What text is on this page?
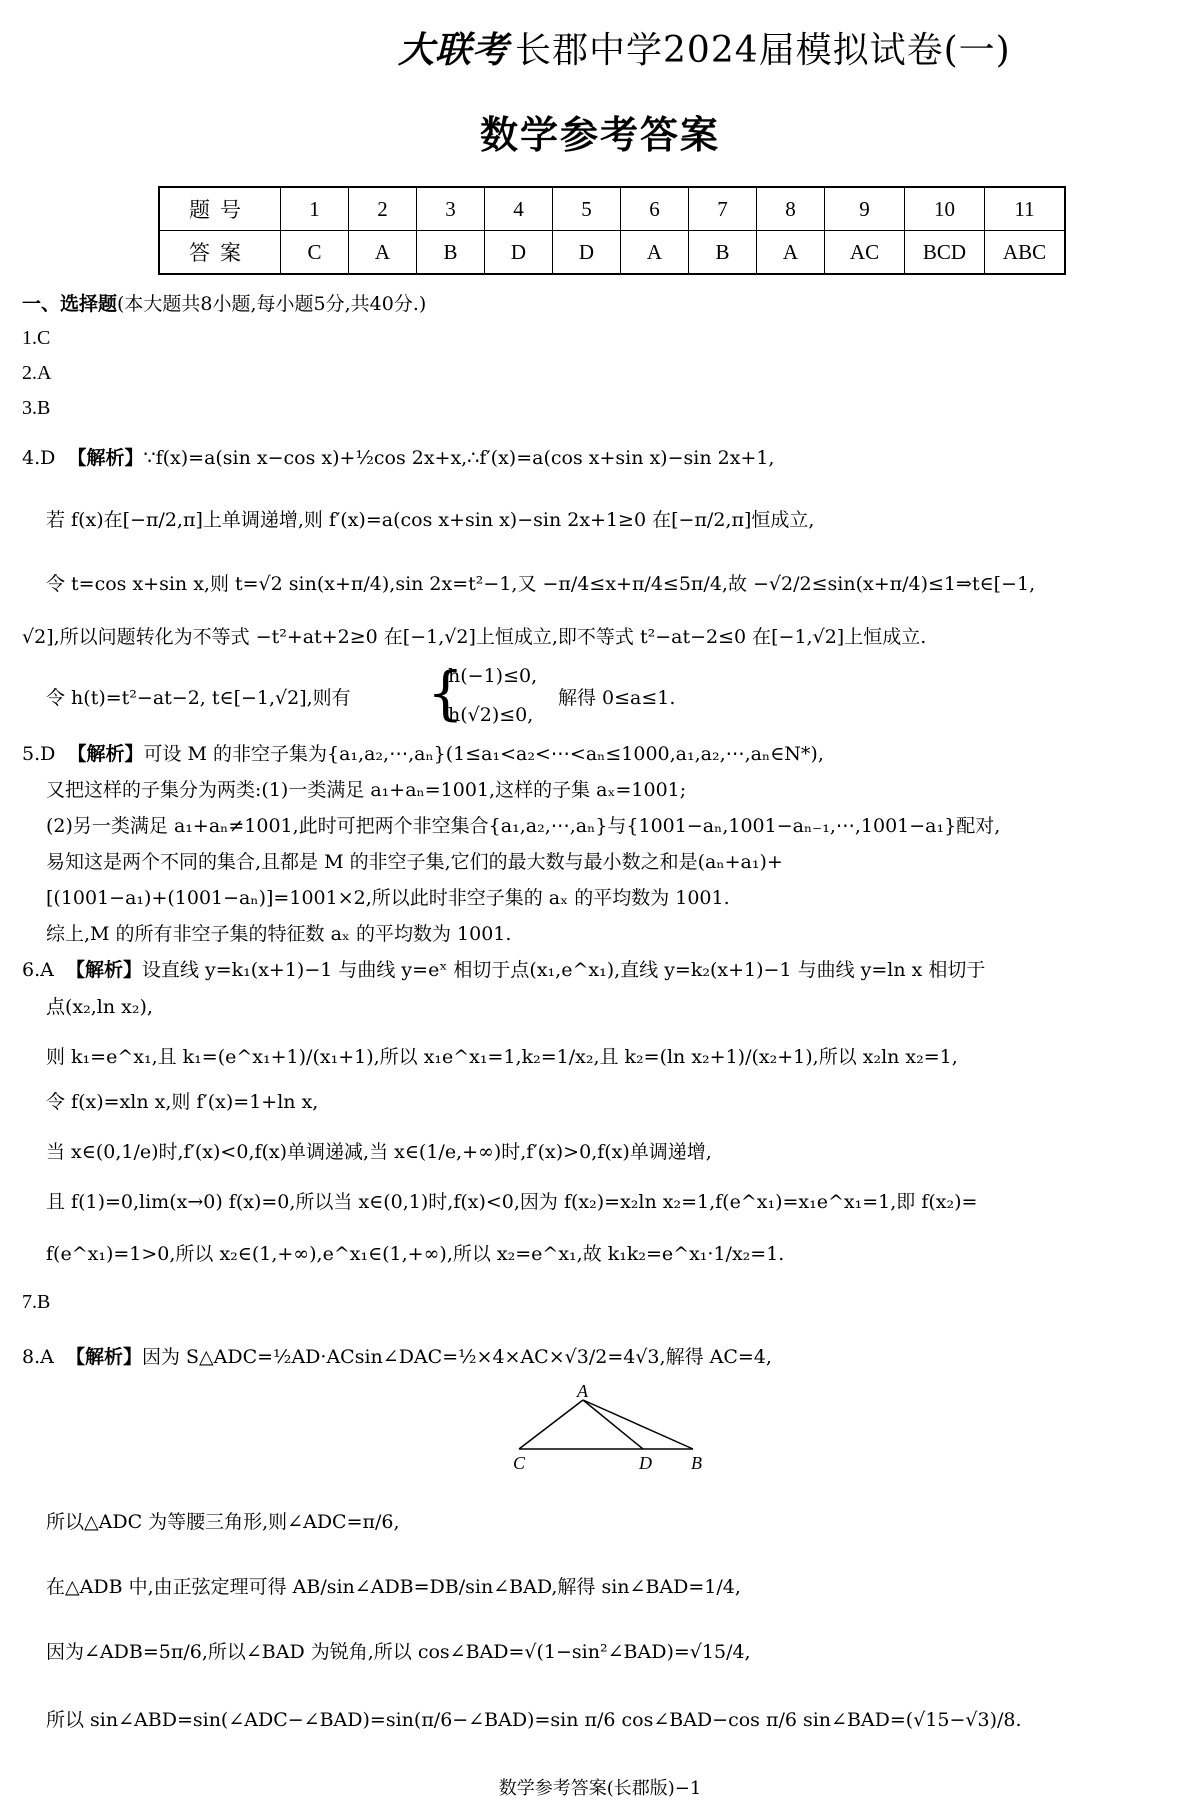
大联考 长郡中学2024届模拟试卷(一)
数学参考答案
题号	1	2	3	4	5	6	7	8	9	10	11
答案	C	A	B	D	D	A	B	A	AC	BCD	ABC
一、选择题(本大题共8小题,每小题5分,共40分.)
1.C
2.A
3.B
4.D 【解析】∵f(x)=a(sin x−cos x)+½cos 2x+x,∴f′(x)=a(cos x+sin x)−sin 2x+1,
若 f(x)在[−π/2,π]上单调递增,则 f′(x)=a(cos x+sin x)−sin 2x+1≥0 在[−π/2,π]恒成立,
令 t=cos x+sin x,则 t=√2 sin(x+π/4),sin 2x=t²−1,又 −π/4≤x+π/4≤5π/4,故 −√2/2≤sin(x+π/4)≤1⇒t∈[−1,
√2],所以问题转化为不等式 −t²+at+2≥0 在[−1,√2]上恒成立,即不等式 t²−at−2≤0 在[−1,√2]上恒成立.
令 h(t)=t²−at−2, t∈[−1,√2],则有 {
h(−1)≤0,
h(√2)≤0,
解得 0≤a≤1.
5.D 【解析】可设 M 的非空子集为{a₁,a₂,⋯,aₙ}(1≤a₁<a₂<⋯<aₙ≤1000,a₁,a₂,⋯,aₙ∈N*),
又把这样的子集分为两类:(1)一类满足 a₁+aₙ=1001,这样的子集 aₓ=1001;
(2)另一类满足 a₁+aₙ≠1001,此时可把两个非空集合{a₁,a₂,⋯,aₙ}与{1001−aₙ,1001−aₙ₋₁,⋯,1001−a₁}配对,
易知这是两个不同的集合,且都是 M 的非空子集,它们的最大数与最小数之和是(aₙ+a₁)+
[(1001−a₁)+(1001−aₙ)]=1001×2,所以此时非空子集的 aₓ 的平均数为 1001.
综上,M 的所有非空子集的特征数 aₓ 的平均数为 1001.
6.A 【解析】设直线 y=k₁(x+1)−1 与曲线 y=eˣ 相切于点(x₁,e^x₁),直线 y=k₂(x+1)−1 与曲线 y=ln x 相切于
点(x₂,ln x₂),
则 k₁=e^x₁,且 k₁=(e^x₁+1)/(x₁+1),所以 x₁e^x₁=1,k₂=1/x₂,且 k₂=(ln x₂+1)/(x₂+1),所以 x₂ln x₂=1,
令 f(x)=xln x,则 f′(x)=1+ln x,
当 x∈(0,1/e)时,f′(x)<0,f(x)单调递减,当 x∈(1/e,+∞)时,f′(x)>0,f(x)单调递增,
且 f(1)=0,lim(x→0) f(x)=0,所以当 x∈(0,1)时,f(x)<0,因为 f(x₂)=x₂ln x₂=1,f(e^x₁)=x₁e^x₁=1,即 f(x₂)=
f(e^x₁)=1>0,所以 x₂∈(1,+∞),e^x₁∈(1,+∞),所以 x₂=e^x₁,故 k₁k₂=e^x₁·1/x₂=1.
7.B
8.A 【解析】因为 S△ADC=½AD·ACsin∠DAC=½×4×AC×√3/2=4√3,解得 AC=4,
A
C	D B
所以△ADC 为等腰三角形,则∠ADC=π/6,
在△ADB 中,由正弦定理可得 AB/sin∠ADB=DB/sin∠BAD,解得 sin∠BAD=1/4,
因为∠ADB=5π/6,所以∠BAD 为锐角,所以 cos∠BAD=√(1−sin²∠BAD)=√15/4,
所以 sin∠ABD=sin(∠ADC−∠BAD)=sin(π/6−∠BAD)=sin π/6 cos∠BAD−cos π/6 sin∠BAD=(√15−√3)/8.
数学参考答案(长郡版)−1
